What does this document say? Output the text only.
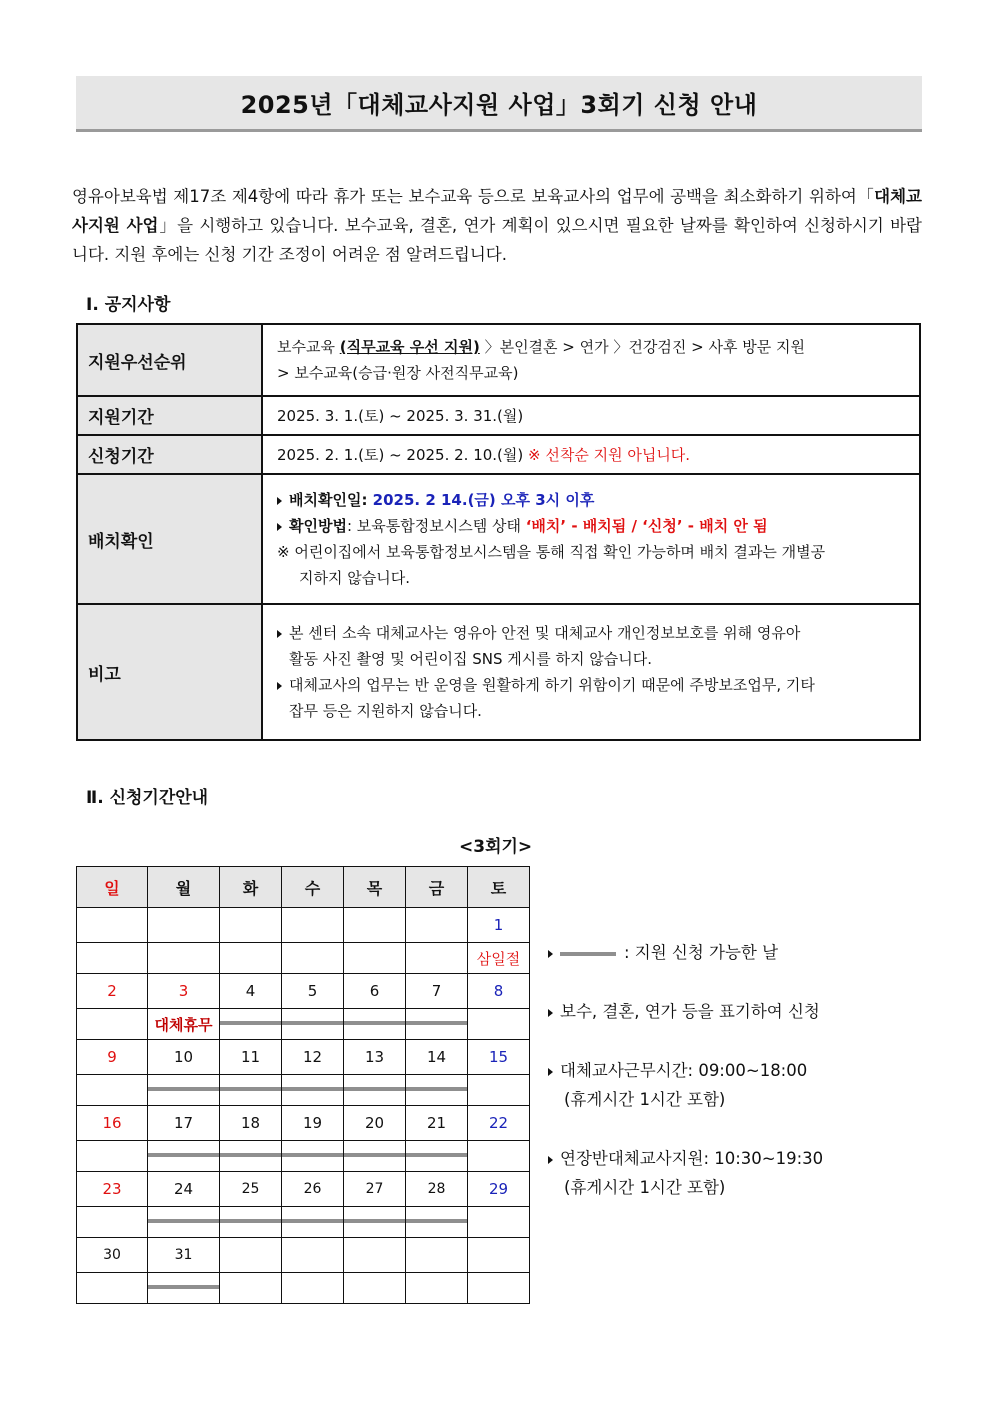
2025년「대체교사지원 사업」3회기 신청 안내

영유아보육법 제17조 제4항에 따라 휴가 또는 보수교육 등으로 보육교사의 업무에 공백을 최소화하기 위하여「대체교사지원 사업」을 시행하고 있습니다. 보수교육, 결혼, 연가 계획이 있으시면 필요한 날짜를 확인하여 신청하시기 바랍니다. 지원 후에는 신청 기간 조정이 어려운 점 알려드립니다.

Ⅰ. 공지사항
지원우선순위	보수교육 (직무교육 우선 지원) 〉본인결혼 > 연가 〉건강검진 > 사후 방문 지원
> 보수교육(승급·원장 사전직무교육)

지원기간	2025. 3. 1.(토) ~ 2025. 3. 31.(월)
신청기간	2025. 2. 1.(토) ~ 2025. 2. 10.(월) ※ 선착순 지원 아닙니다.
배치확인	배치확인일: 2025. 2 14.(금) 오후 3시 이후
확인방법: 보육통합정보시스템 상태 ‘배치’ - 배치됨 / ‘신청’ - 배치 안 됨
※ 어린이집에서 보육통합정보시스템을 통해 직접 확인 가능하며 배치 결과는 개별공
지하지 않습니다.

비고	본 센터 소속 대체교사는 영유아 안전 및 대체교사 개인정보보호를 위해 영유아
활동 사진 촬영 및 어린이집 SNS 게시를 하지 않습니다.
대체교사의 업무는 반 운영을 원활하게 하기 위함이기 때문에 주방보조업무, 기타
잡무 등은 지원하지 않습니다.
Ⅱ. 신청기간안내
<3회기>
일	월	화	수	목	금	토
						1
						삼일절
2	3	4	5	6	7	8
	대체휴무	

9	10	11	12	13	14	15

16	17	18	19	20	21	22

23	24	25	26	27	28	29

30	31					

: 지원 신청 가능한 날
보수, 결혼, 연가 등을 표기하여 신청
대체교사근무시간: 09:00~18:00
(휴게시간 1시간 포함)
연장반대체교사지원: 10:30~19:30
(휴게시간 1시간 포함)
